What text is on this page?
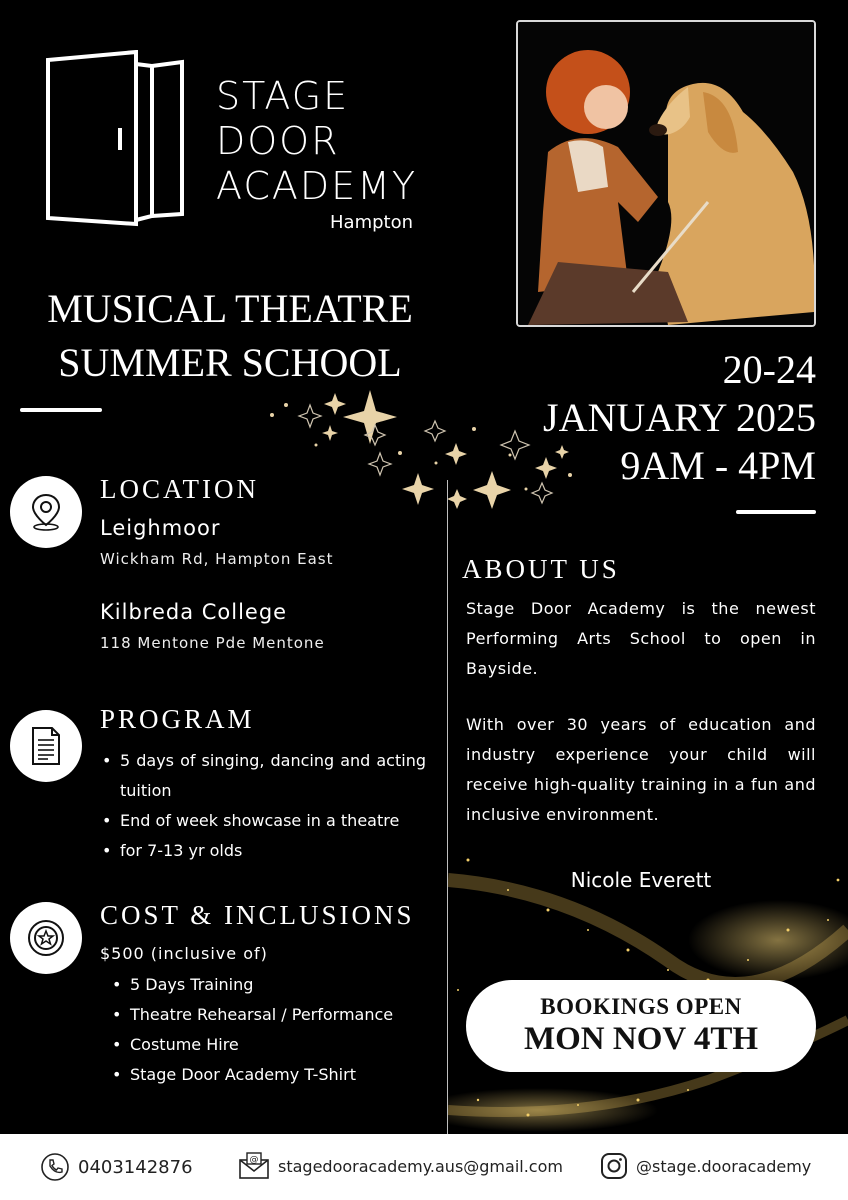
STAGE
DOOR
ACADEMY
Hampton
MUSICAL THEATRE
SUMMER SCHOOL	20-24
JANUARY 2025
9AM - 4PM
LOCATION
Leighmoor
Wickham Rd, Hampton East
Kilbreda College
118 Mentone Pde Mentone
PROGRAM
• 5 days of singing, dancing and acting tuition
• End of week showcase in a theatre
• for 7-13 yr olds
COST & INCLUSIONS
$500 (inclusive of)
• 5 Days Training
• Theatre Rehearsal / Performance
• Costume Hire
• Stage Door Academy T-Shirt
ABOUT US
Stage Door Academy is the newest Performing Arts School to open in Bayside.
With over 30 years of education and industry experience your child will receive high-quality training in a fun and inclusive environment.
Nicole Everett
BOOKINGS OPEN
MON NOV 4TH
0403142876	@ stagedooracademy.aus@gmail.com	@stage.dooracademy
